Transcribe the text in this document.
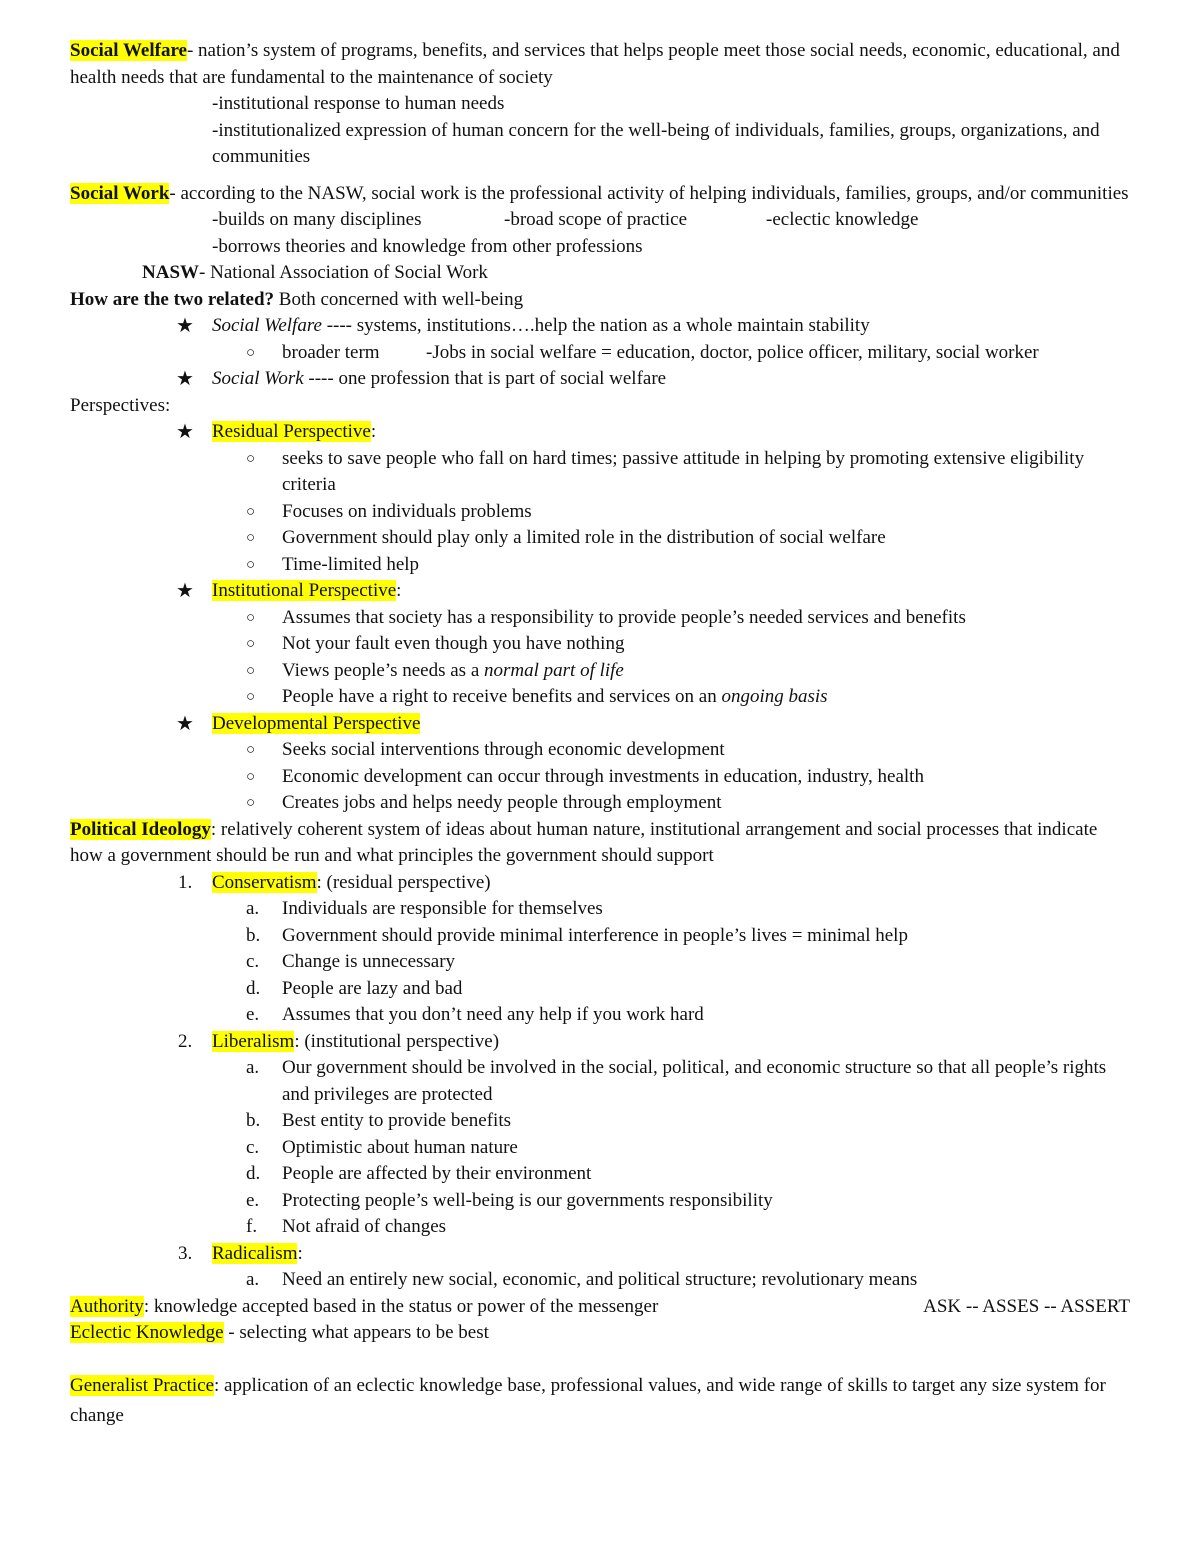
Social Welfare- nation’s system of programs, benefits, and services that helps people meet those social needs, economic, educational, and health needs that are fundamental to the maintenance of society

-institutional response to human needs

-institutionalized expression of human concern for the well-being of individuals, families, groups, organizations, and communities

Social Work- according to the NASW, social work is the professional activity of helping individuals, families, groups, and/or communities

-builds on many disciplines	-broad scope of practice	-eclectic knowledge

-borrows theories and knowledge from other professions

NASW- National Association of Social Work

How are the two related? Both concerned with well-being

★ Social Welfare ---- systems, institutions….help the nation as a whole maintain stability
○	broader term -Jobs in social welfare = education, doctor, police officer, military, social worker
★ Social Work ---- one profession that is part of social welfare

Perspectives:

★ Residual Perspective:
○	seeks to save people who fall on hard times; passive attitude in helping by promoting extensive eligibility criteria
○	Focuses on individuals problems
○	Government should play only a limited role in the distribution of social welfare
○	Time-limited help
★ Institutional Perspective:
○	Assumes that society has a responsibility to provide people’s needed services and benefits
○	Not your fault even though you have nothing
○	Views people’s needs as a normal part of life
○	People have a right to receive benefits and services on an ongoing basis
★ Developmental Perspective
○	Seeks social interventions through economic development
○	Economic development can occur through investments in education, industry, health
○	Creates jobs and helps needy people through employment

Political Ideology: relatively coherent system of ideas about human nature, institutional arrangement and social processes that indicate how a government should be run and what principles the government should support

1.	Conservatism: (residual perspective)
a.	Individuals are responsible for themselves
b.	Government should provide minimal interference in people’s lives = minimal help
c.	Change is unnecessary
d.	People are lazy and bad
e.	Assumes that you don’t need any help if you work hard
2.	Liberalism: (institutional perspective)
a.	Our government should be involved in the social, political, and economic structure so that all people’s rights and privileges are protected
b.	Best entity to provide benefits
c.	Optimistic about human nature
d.	People are affected by their environment
e.	Protecting people’s well-being is our governments responsibility
f.	Not afraid of changes
3.	Radicalism:
a.	Need an entirely new social, economic, and political structure; revolutionary means
Authority: knowledge accepted based in the status or power of the messenger	ASK -- ASSES -- ASSERT

Eclectic Knowledge - selecting what appears to be best

Generalist Practice: application of an eclectic knowledge base, professional values, and wide range of skills to target any size system for change
